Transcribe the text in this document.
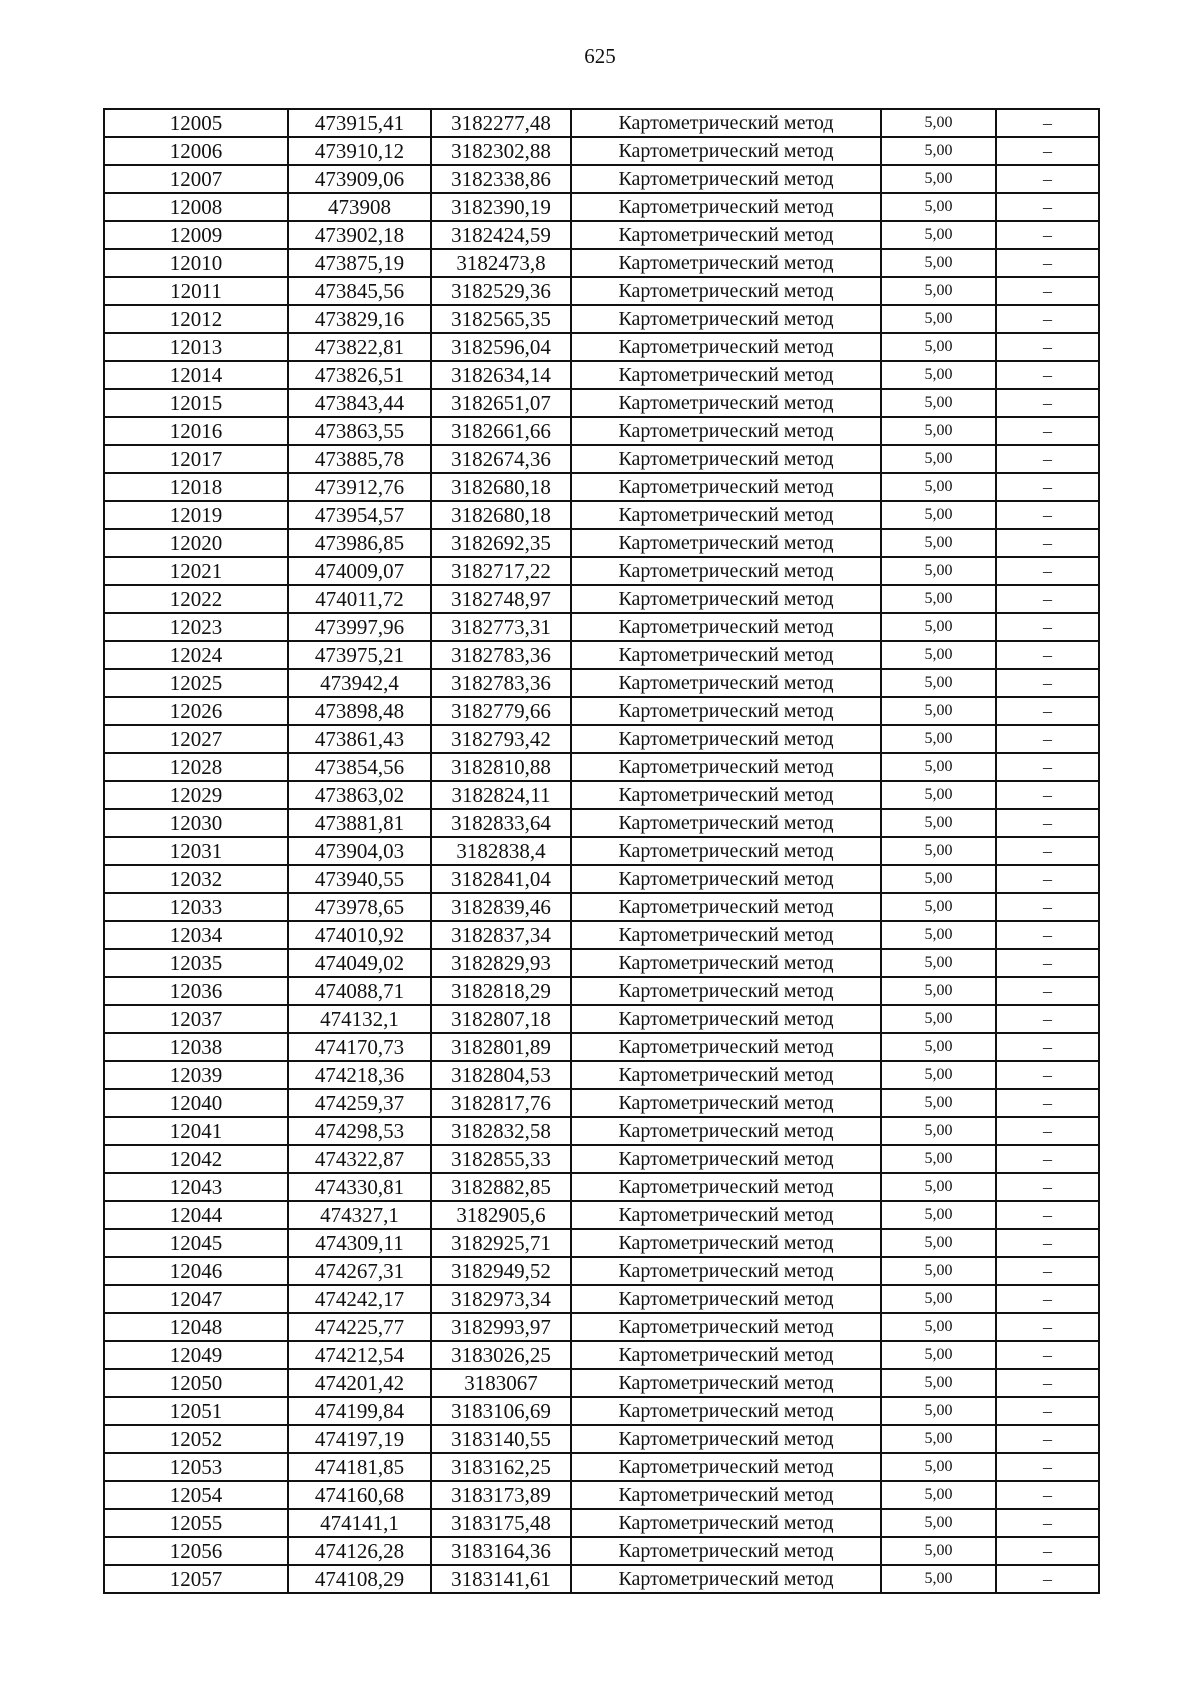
625
12005	473915,41	3182277,48	Картометрический метод	5,00	–
12006	473910,12	3182302,88	Картометрический метод	5,00	–
12007	473909,06	3182338,86	Картометрический метод	5,00	–
12008	473908	3182390,19	Картометрический метод	5,00	–
12009	473902,18	3182424,59	Картометрический метод	5,00	–
12010	473875,19	3182473,8	Картометрический метод	5,00	–
12011	473845,56	3182529,36	Картометрический метод	5,00	–
12012	473829,16	3182565,35	Картометрический метод	5,00	–
12013	473822,81	3182596,04	Картометрический метод	5,00	–
12014	473826,51	3182634,14	Картометрический метод	5,00	–
12015	473843,44	3182651,07	Картометрический метод	5,00	–
12016	473863,55	3182661,66	Картометрический метод	5,00	–
12017	473885,78	3182674,36	Картометрический метод	5,00	–
12018	473912,76	3182680,18	Картометрический метод	5,00	–
12019	473954,57	3182680,18	Картометрический метод	5,00	–
12020	473986,85	3182692,35	Картометрический метод	5,00	–
12021	474009,07	3182717,22	Картометрический метод	5,00	–
12022	474011,72	3182748,97	Картометрический метод	5,00	–
12023	473997,96	3182773,31	Картометрический метод	5,00	–
12024	473975,21	3182783,36	Картометрический метод	5,00	–
12025	473942,4	3182783,36	Картометрический метод	5,00	–
12026	473898,48	3182779,66	Картометрический метод	5,00	–
12027	473861,43	3182793,42	Картометрический метод	5,00	–
12028	473854,56	3182810,88	Картометрический метод	5,00	–
12029	473863,02	3182824,11	Картометрический метод	5,00	–
12030	473881,81	3182833,64	Картометрический метод	5,00	–
12031	473904,03	3182838,4	Картометрический метод	5,00	–
12032	473940,55	3182841,04	Картометрический метод	5,00	–
12033	473978,65	3182839,46	Картометрический метод	5,00	–
12034	474010,92	3182837,34	Картометрический метод	5,00	–
12035	474049,02	3182829,93	Картометрический метод	5,00	–
12036	474088,71	3182818,29	Картометрический метод	5,00	–
12037	474132,1	3182807,18	Картометрический метод	5,00	–
12038	474170,73	3182801,89	Картометрический метод	5,00	–
12039	474218,36	3182804,53	Картометрический метод	5,00	–
12040	474259,37	3182817,76	Картометрический метод	5,00	–
12041	474298,53	3182832,58	Картометрический метод	5,00	–
12042	474322,87	3182855,33	Картометрический метод	5,00	–
12043	474330,81	3182882,85	Картометрический метод	5,00	–
12044	474327,1	3182905,6	Картометрический метод	5,00	–
12045	474309,11	3182925,71	Картометрический метод	5,00	–
12046	474267,31	3182949,52	Картометрический метод	5,00	–
12047	474242,17	3182973,34	Картометрический метод	5,00	–
12048	474225,77	3182993,97	Картометрический метод	5,00	–
12049	474212,54	3183026,25	Картометрический метод	5,00	–
12050	474201,42	3183067	Картометрический метод	5,00	–
12051	474199,84	3183106,69	Картометрический метод	5,00	–
12052	474197,19	3183140,55	Картометрический метод	5,00	–
12053	474181,85	3183162,25	Картометрический метод	5,00	–
12054	474160,68	3183173,89	Картометрический метод	5,00	–
12055	474141,1	3183175,48	Картометрический метод	5,00	–
12056	474126,28	3183164,36	Картометрический метод	5,00	–
12057	474108,29	3183141,61	Картометрический метод	5,00	–
